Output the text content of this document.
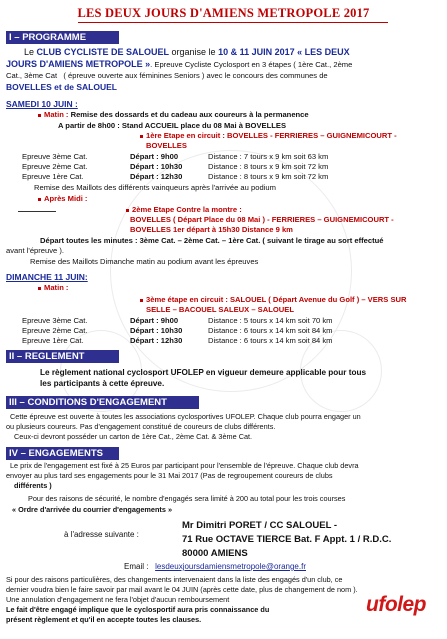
LES DEUX JOURS D'AMIENS METROPOLE 2017
I – PROGRAMME
Le CLUB CYCLISTE DE SALOUEL organise le 10 & 11 JUIN 2017 « LES DEUX
JOURS D'AMIENS METROPOLE ». Epreuve Cycliste Cyclosport en 3 étapes ( 1ère Cat., 2ème
Cat., 3ème Cat ( épreuve ouverte aux féminines Seniors ) avec le concours des communes de
BOVELLES et de SALOUEL
SAMEDI 10 JUIN :
Matin : Remise des dossards et du cadeau aux coureurs à la permanence
A partir de 8h00 : Stand ACCUEIL place du 08 Mai à BOVELLES
1ère Etape en circuit : BOVELLES - FERRIERES – GUIGNEMICOURT -
BOVELLES
Epreuve 3ème Cat.	Départ : 9h00	Distance : 7 tours x 9 km soit 63 km
Epreuve 2ème Cat.	Départ : 10h30	Distance : 8 tours x 9 km soit 72 km
Epreuve 1ère Cat.	Départ : 12h30	Distance : 8 tours x 9 km soit 72 km
Remise des Maillots des différents vainqueurs après l'arrivée au podium
Après Midi :
2ème Etape Contre la montre :
BOVELLES ( Départ Place du 08 Mai ) - FERRIERES – GUIGNEMICOURT -
BOVELLES 1er départ à 15h30 Distance 9 km
Départ toutes les minutes : 3ème Cat. – 2ème Cat. – 1ère Cat. ( suivant le tirage au sort effectué
avant l'épreuve ).
Remise des Maillots Dimanche matin au podium avant les épreuves
DIMANCHE 11 JUIN:
Matin :
3ème étape en circuit : SALOUEL ( Départ Avenue du Golf ) – VERS SUR
SELLE – BACOUEL SALEUX – SALOUEL
Epreuve 3ème Cat.	Départ : 9h00	Distance : 5 tours x 14 km soit 70 km
Epreuve 2ème Cat.	Départ : 10h30	Distance : 6 tours x 14 km soit 84 km
Epreuve 1ère Cat.	Départ : 12h30	Distance : 6 tours x 14 km soit 84 km
II – REGLEMENT
Le règlement national cyclosport UFOLEP en vigueur demeure applicable pour tous
les participants à cette épreuve.
III – CONDITIONS D'ENGAGEMENT
Cette épreuve est ouverte à toutes les associations cyclosportives UFOLEP. Chaque club pourra engager un
ou plusieurs coureurs. Pas d'engagement constitué de coureurs de clubs différents.
Ceux-ci devront posséder un carton de 1ère Cat., 2ème Cat. & 3ème Cat.
IV – ENGAGEMENTS
Le prix de l'engagement est fixé à 25 Euros par participant pour l'ensemble de l'épreuve. Chaque club devra
envoyer au plus tard ses engagements pour le 31 Mai 2017 (Pas de regroupement coureurs de clubs
différents )
Pour des raisons de sécurité, le nombre d'engagés sera limité à 200 au total pour les trois courses
« Ordre d'arrivée du courrier d'engagements »
à l'adresse suivante :
Mr Dimitri PORET / CC SALOUEL -
71 Rue OCTAVE TIERCE Bat. F Appt. 1 / R.D.C.
80000 AMIENS
Email : lesdeuxjoursdamiensmetropole@orange.fr
Si pour des raisons particulières, des changements intervenaient dans la liste des engagés d'un club, ce
dernier voudra bien le faire savoir par mail avant le 04 JUIN (après cette date, plus de changement de nom ).
Une annulation d'engagement ne fera l'objet d'aucun remboursement
Le fait d'être engagé implique que le cyclosportif aura pris connaissance du
présent règlement et qu'il en accepte toutes les clauses.
ufolep
